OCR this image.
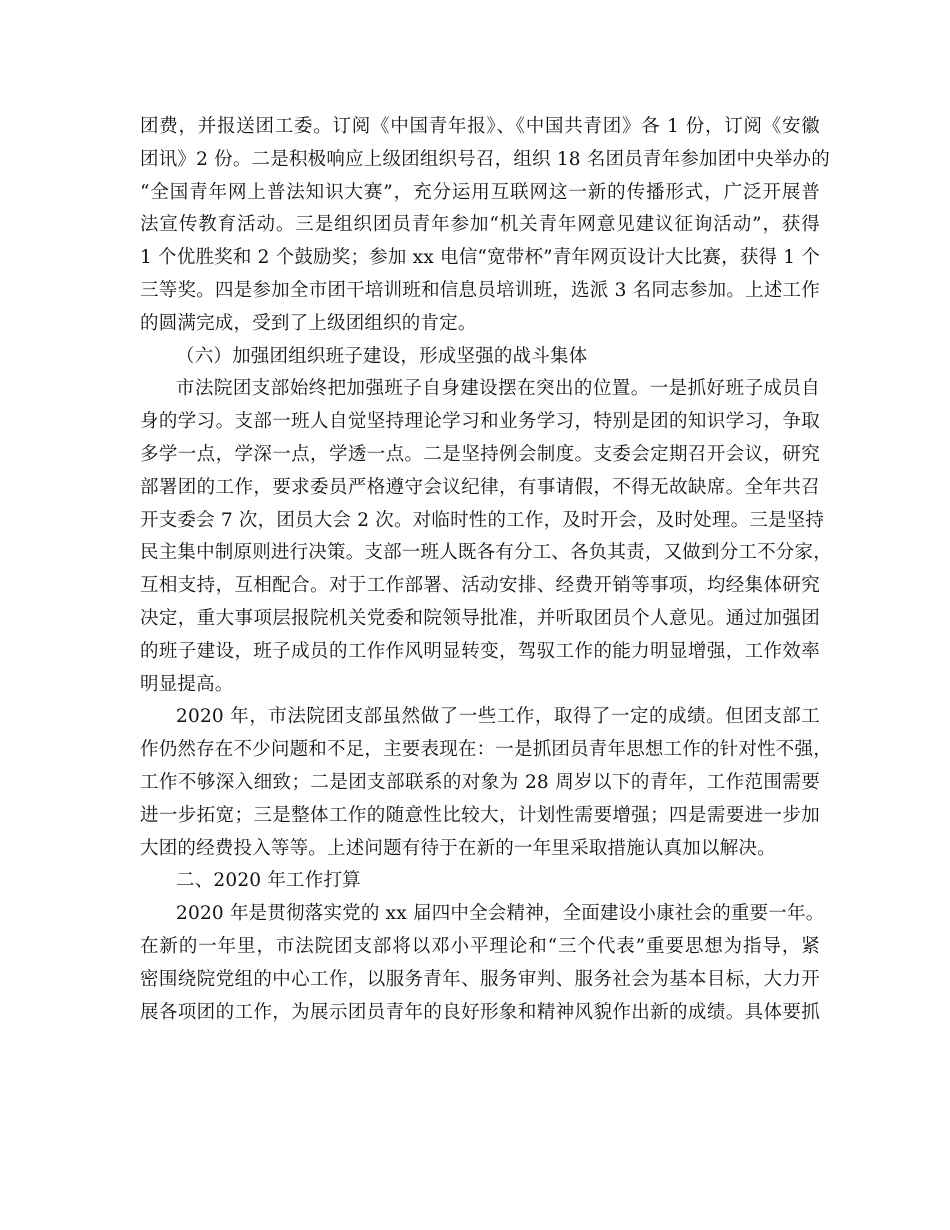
团费，并报送团工委。订阅《中国青年报》、《中国共青团》各 1 份，订阅《安徽
团讯》2 份。二是积极响应上级团组织号召，组织 18 名团员青年参加团中央举办的
“全国青年网上普法知识大赛”，充分运用互联网这一新的传播形式，广泛开展普
法宣传教育活动。三是组织团员青年参加“机关青年网意见建议征询活动”，获得
1 个优胜奖和 2 个鼓励奖；参加 xx 电信“宽带杯”青年网页设计大比赛，获得 1 个
三等奖。四是参加全市团干培训班和信息员培训班，选派 3 名同志参加。上述工作
的圆满完成，受到了上级团组织的肯定。
（六）加强团组织班子建设，形成坚强的战斗集体
市法院团支部始终把加强班子自身建设摆在突出的位置。一是抓好班子成员自
身的学习。支部一班人自觉坚持理论学习和业务学习，特别是团的知识学习，争取
多学一点，学深一点，学透一点。二是坚持例会制度。支委会定期召开会议，研究
部署团的工作，要求委员严格遵守会议纪律，有事请假，不得无故缺席。全年共召
开支委会 7 次，团员大会 2 次。对临时性的工作，及时开会，及时处理。三是坚持
民主集中制原则进行决策。支部一班人既各有分工、各负其责，又做到分工不分家，
互相支持，互相配合。对于工作部署、活动安排、经费开销等事项，均经集体研究
决定，重大事项层报院机关党委和院领导批准，并听取团员个人意见。通过加强团
的班子建设，班子成员的工作作风明显转变，驾驭工作的能力明显增强，工作效率
明显提高。
2020 年，市法院团支部虽然做了一些工作，取得了一定的成绩。但团支部工
作仍然存在不少问题和不足，主要表现在：一是抓团员青年思想工作的针对性不强，
工作不够深入细致；二是团支部联系的对象为 28 周岁以下的青年，工作范围需要
进一步拓宽；三是整体工作的随意性比较大，计划性需要增强；四是需要进一步加
大团的经费投入等等。上述问题有待于在新的一年里采取措施认真加以解决。
二、2020 年工作打算
2020 年是贯彻落实党的 xx 届四中全会精神，全面建设小康社会的重要一年。
在新的一年里，市法院团支部将以邓小平理论和“三个代表”重要思想为指导，紧
密围绕院党组的中心工作，以服务青年、服务审判、服务社会为基本目标，大力开
展各项团的工作，为展示团员青年的良好形象和精神风貌作出新的成绩。具体要抓
